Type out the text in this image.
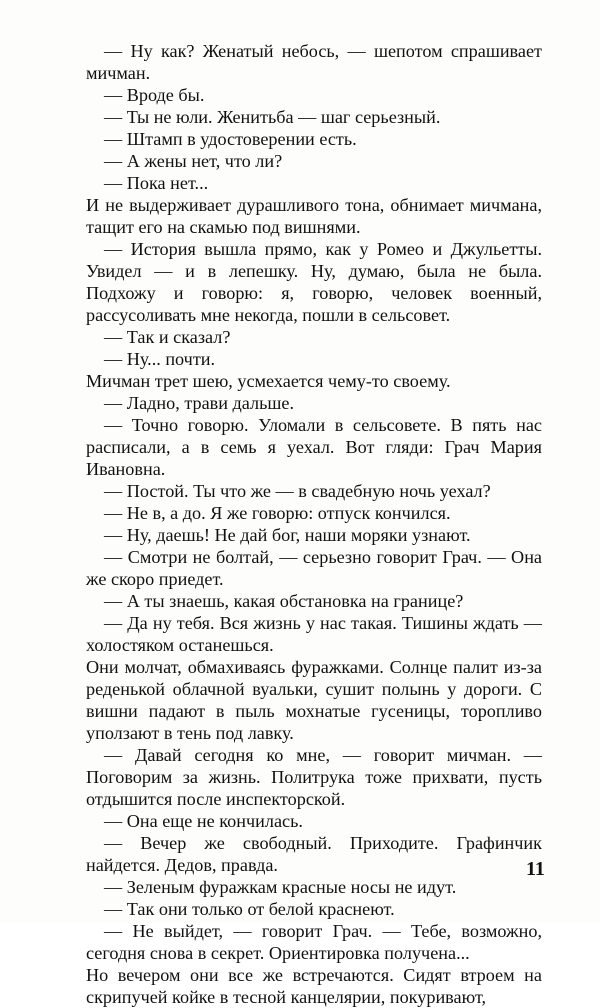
— Ну как? Женатый небось, — шепотом спрашивает мичман.

— Вроде бы.

— Ты не юли. Женитьба — шаг серьезный.

— Штамп в удостоверении есть.

— А жены нет, что ли?

— Пока нет...

И не выдерживает дурашливого тона, обнимает мичмана, тащит его на скамью под вишнями.

— История вышла прямо, как у Ромео и Джульетты. Увидел — и в лепешку. Ну, думаю, была не была. Подхожу и говорю: я, говорю, человек военный, рассусоливать мне некогда, пошли в сельсовет.

— Так и сказал?

— Ну... почти.

Мичман трет шею, усмехается чему-то своему.

— Ладно, трави дальше.

— Точно говорю. Уломали в сельсовете. В пять нас расписали, а в семь я уехал. Вот гляди: Грач Мария Ивановна.

— Постой. Ты что же — в свадебную ночь уехал?

— Не в, а до. Я же говорю: отпуск кончился.

— Ну, даешь! Не дай бог, наши моряки узнают.

— Смотри не болтай, — серьезно говорит Грач. — Она же скоро приедет.

— А ты знаешь, какая обстановка на границе?

— Да ну тебя. Вся жизнь у нас такая. Тишины ждать — холостяком останешься.

Они молчат, обмахиваясь фуражками. Солнце палит из-за реденькой облачной вуальки, сушит полынь у дороги. С вишни падают в пыль мохнатые гусеницы, торопливо уползают в тень под лавку.

— Давай сегодня ко мне, — говорит мичман. — Поговорим за жизнь. Политрука тоже прихвати, пусть отдышится после инспекторской.

— Она еще не кончилась.

— Вечер же свободный. Приходите. Графинчик найдется. Дедов, правда.

— Зеленым фуражкам красные носы не идут.

— Так они только от белой краснеют.

— Не выйдет, — говорит Грач. — Тебе, возможно, сегодня снова в секрет. Ориентировка получена...

Но вечером они все же встречаются. Сидят втроем на скрипучей койке в тесной канцелярии, покуривают,

11
